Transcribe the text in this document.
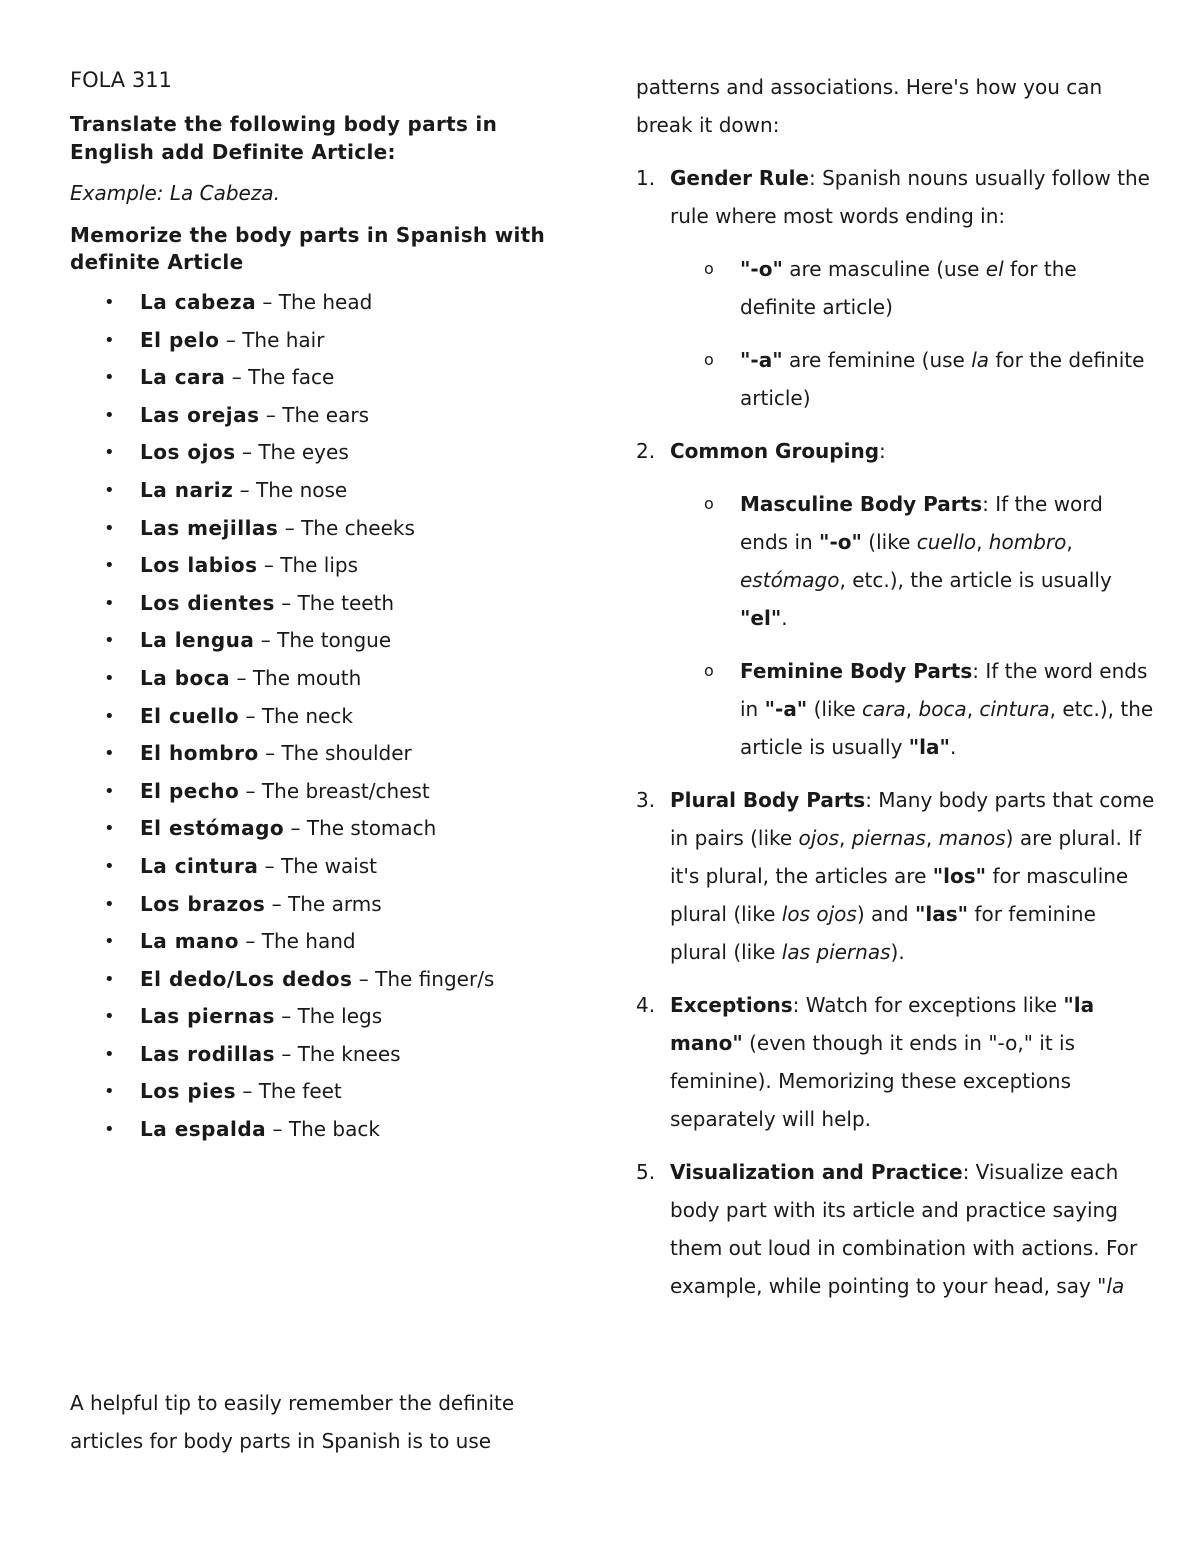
FOLA 311
Translate the following body parts in English add Definite Article:
Example: La Cabeza.
Memorize the body parts in Spanish with definite Article
• La cabeza – The head
• El pelo – The hair
• La cara – The face
• Las orejas – The ears
• Los ojos – The eyes
• La nariz – The nose
• Las mejillas – The cheeks
• Los labios – The lips
• Los dientes – The teeth
• La lengua – The tongue
• La boca – The mouth
• El cuello – The neck
• El hombro – The shoulder
• El pecho – The breast/chest
• El estómago – The stomach
• La cintura – The waist
• Los brazos – The arms
• La mano – The hand
• El dedo/Los dedos – The finger/s
• Las piernas – The legs
• Las rodillas – The knees
• Los pies – The feet
• La espalda – The back

A helpful tip to easily remember the definite articles for body parts in Spanish is to use

patterns and associations. Here's how you can break it down:

1. Gender Rule: Spanish nouns usually follow the rule where most words ending in:
o "-o" are masculine (use el for the definite article)
o "-a" are feminine (use la for the definite article)
2. Common Grouping:
o Masculine Body Parts: If the word ends in "-o" (like cuello, hombro, estómago, etc.), the article is usually "el".
o Feminine Body Parts: If the word ends in "-a" (like cara, boca, cintura, etc.), the article is usually "la".
3. Plural Body Parts: Many body parts that come in pairs (like ojos, piernas, manos) are plural. If it's plural, the articles are "los" for masculine plural (like los ojos) and "las" for feminine plural (like las piernas).
4. Exceptions: Watch for exceptions like "la mano" (even though it ends in "-o," it is feminine). Memorizing these exceptions separately will help.
5. Visualization and Practice: Visualize each body part with its article and practice saying them out loud in combination with actions. For example, while pointing to your head, say "la
